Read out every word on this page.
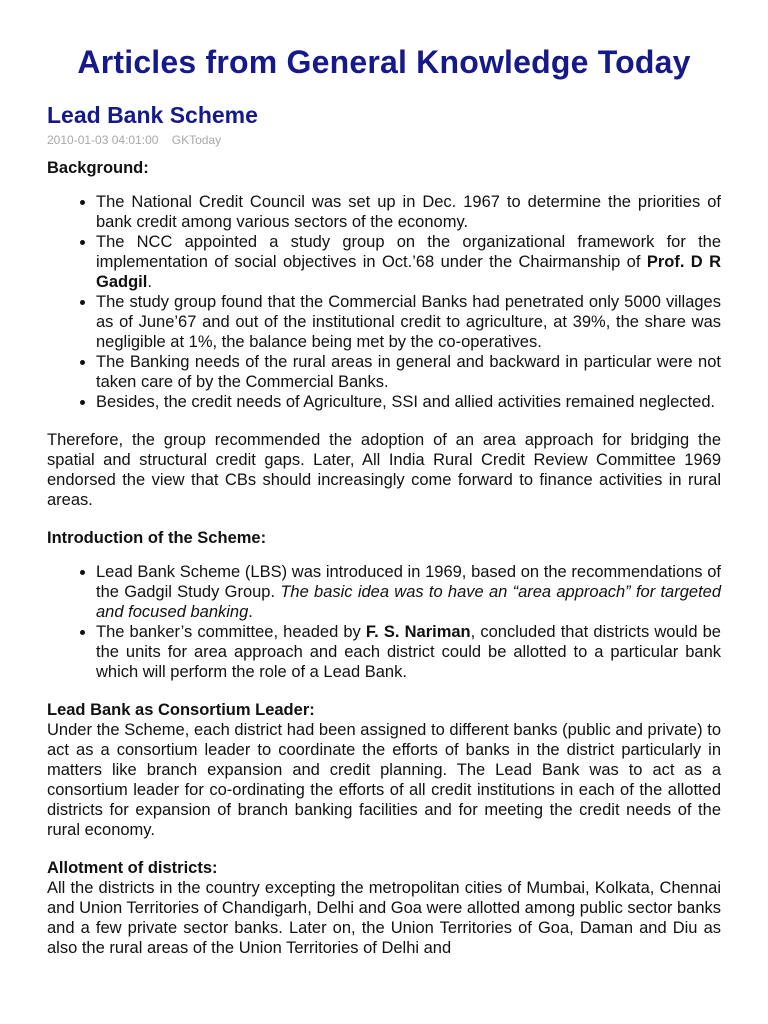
Articles from General Knowledge Today
Lead Bank Scheme
2010-01-03 04:01:00 GKToday
Background:
• The National Credit Council was set up in Dec. 1967 to determine the priorities of bank credit among various sectors of the economy.
• The NCC appointed a study group on the organizational framework for the implementation of social objectives in Oct.’68 under the Chairmanship of Prof. D R Gadgil.
• The study group found that the Commercial Banks had penetrated only 5000 villages as of June’67 and out of the institutional credit to agriculture, at 39%, the share was negligible at 1%, the balance being met by the co-operatives.
• The Banking needs of the rural areas in general and backward in particular were not taken care of by the Commercial Banks.
• Besides, the credit needs of Agriculture, SSI and allied activities remained neglected.

Therefore, the group recommended the adoption of an area approach for bridging the spatial and structural credit gaps. Later, All India Rural Credit Review Committee 1969 endorsed the view that CBs should increasingly come forward to finance activities in rural areas.

Introduction of the Scheme:
• Lead Bank Scheme (LBS) was introduced in 1969, based on the recommendations of the Gadgil Study Group. The basic idea was to have an “area approach” for targeted and focused banking.
• The banker’s committee, headed by F. S. Nariman, concluded that districts would be the units for area approach and each district could be allotted to a particular bank which will perform the role of a Lead Bank.
Lead Bank as Consortium Leader:

Under the Scheme, each district had been assigned to different banks (public and private) to act as a consortium leader to coordinate the efforts of banks in the district particularly in matters like branch expansion and credit planning. The Lead Bank was to act as a consortium leader for co-ordinating the efforts of all credit institutions in each of the allotted districts for expansion of branch banking facilities and for meeting the credit needs of the rural economy.

Allotment of districts:

All the districts in the country excepting the metropolitan cities of Mumbai, Kolkata, Chennai and Union Territories of Chandigarh, Delhi and Goa were allotted among public sector banks and a few private sector banks. Later on, the Union Territories of Goa, Daman and Diu as also the rural areas of the Union Territories of Delhi and
